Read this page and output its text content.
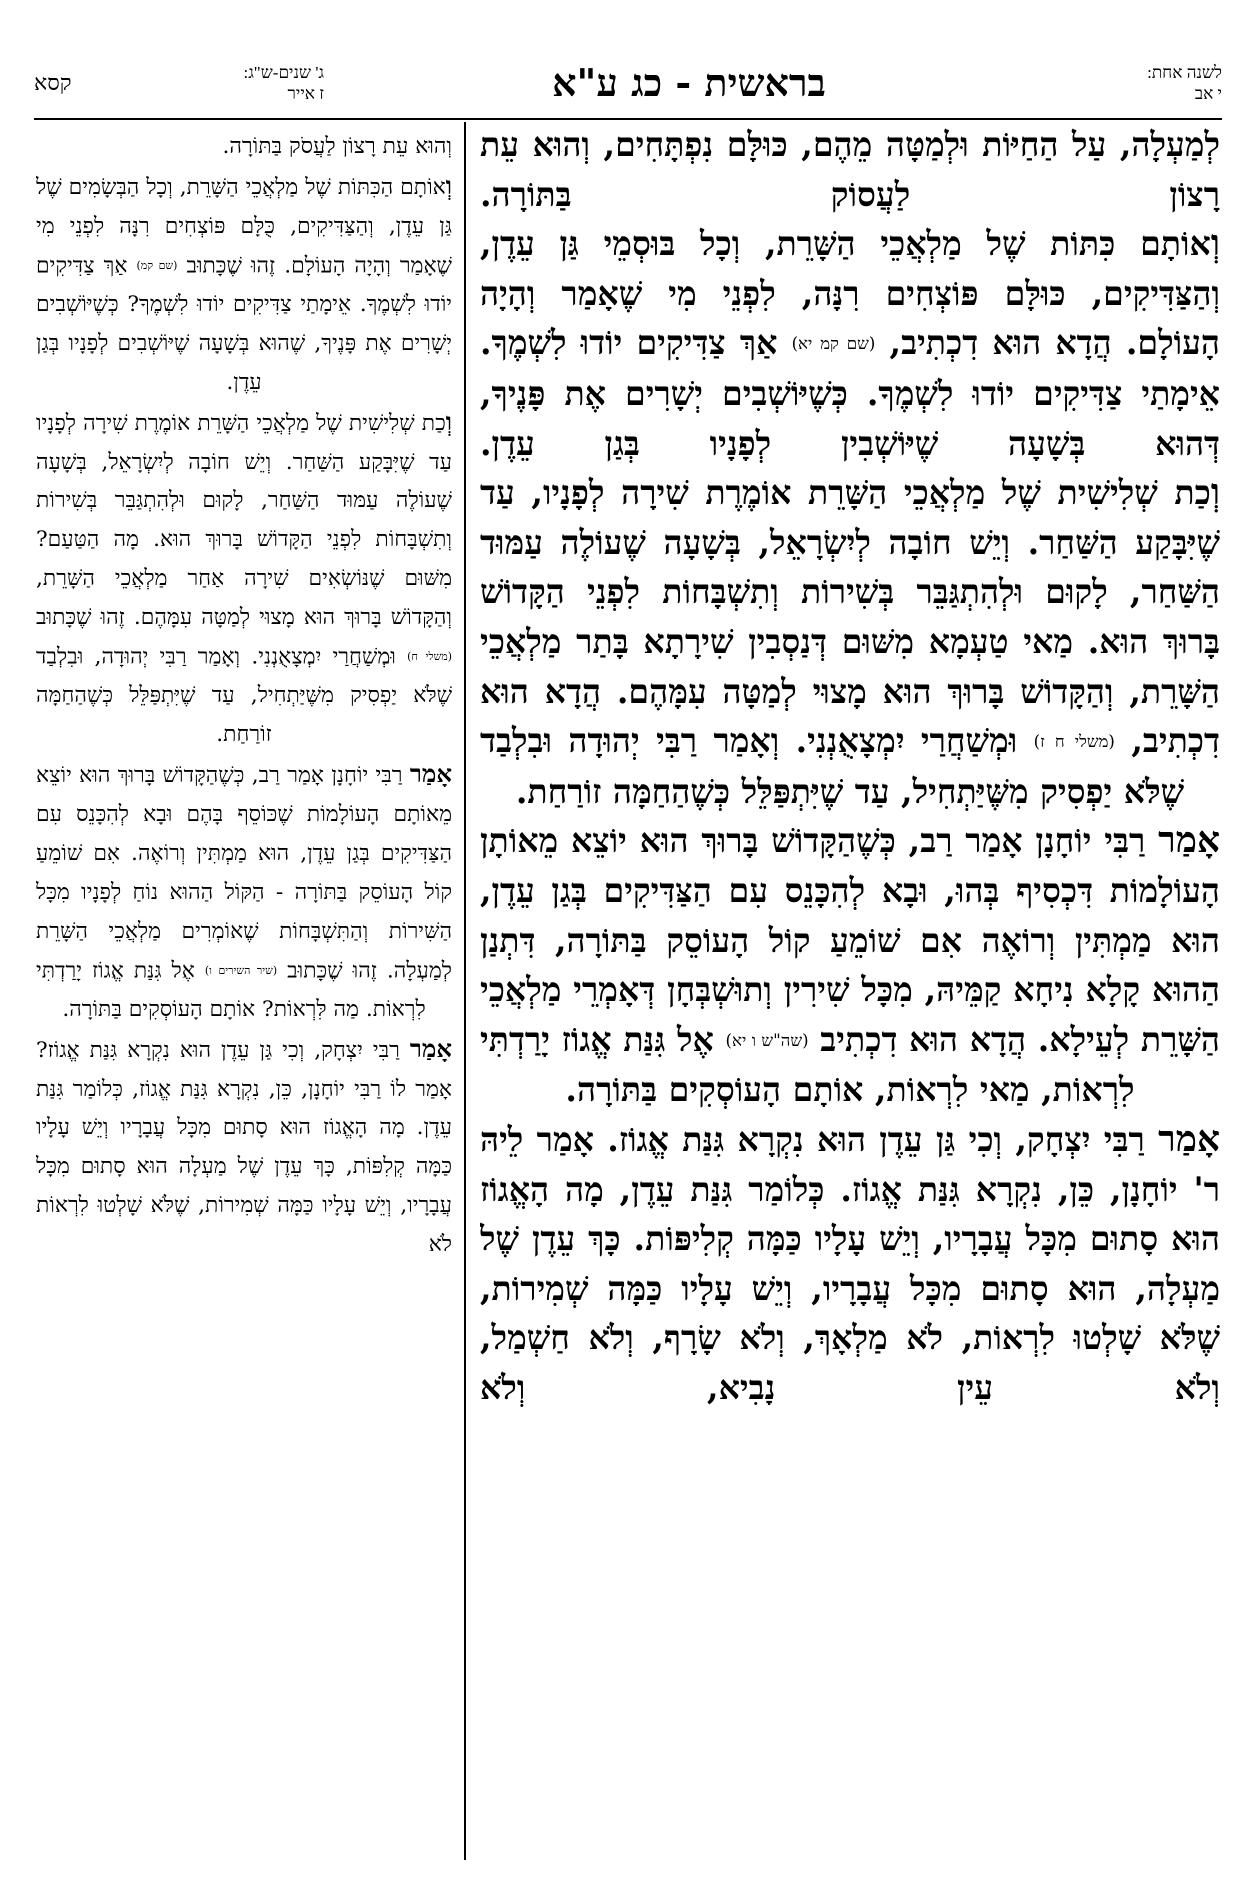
קסא	ג' שנים-ש"ג:
ז אייר	בראשית - כג ע"א	לשנה אחת:
י אב

לְמַעְלָה, עַל הַחַיּוֹת וּלְמַטָּה מֵהֶם, כּוּלָּם נִפְתָּחִים, וְהוּא עֵת רָצוֹן לַעֲסוֹק בַּתּוֹרָה.

וְאוֹתָם כִּתּוֹת שֶׁל מַלְאֲכֵי הַשָּׁרֵת, וְכָל בּוּסְמֵי גַּן עֵדֶן, וְהַצַּדִּיקִים, כּוּלָּם פּוֹצְחִים רִנָּה, לִפְנֵי מִי שֶׁאָמַר וְהָיָה הָעוֹלָם. הֲדָא הוּא דִכְתִיב, (שם קמ יא) אַךְ צַדִּיקִים יוֹדוּ לִשְׁמֶךָ. אֵימָתַי צַדִּיקִים יוֹדוּ לִשְׁמֶךָ. כְּשֶׁיּוֹשְׁבִים יְשָׁרִים אֶת פָּנֶיךָ, דְּהוּא בְּשָׁעָה שֶׁיּוֹשְׁבִין לְפָנָיו בְּגַן עֵדֶן.

וְכַת שְׁלִישִׁית שֶׁל מַלְאֲכֵי הַשָּׁרֵת אוֹמֶרֶת שִׁירָה לְפָנָיו, עַד שֶׁיִּבָּקַע הַשַּׁחַר. וְיֵשׁ חוֹבָה לְיִשְׂרָאֵל, בְּשָׁעָה שֶׁעוֹלֶה עַמּוּד הַשַּׁחַר, לָקוּם וּלְהִתְגַּבֵּר בְּשִׁירוֹת וְתִשְׁבָּחוֹת לִפְנֵי הַקָּדוֹשׁ בָּרוּךְ הוּא. מַאי טַעְמָא מִשּׁוּם דְּנַסְבִין שִׁירָתָא בָּתַר מַלְאֲכֵי הַשָּׁרֵת, וְהַקָּדוֹשׁ בָּרוּךְ הוּא מָצוּי לְמַטָּה עִמָּהֶם. הֲדָא הוּא דִכְתִיב, (משלי ח ז) וּמְשַׁחֲרַי יִמְצָאֻנְנִי. וְאָמַר רַבִּי יְהוּדָה וּבִלְבַד שֶׁלֹּא יַפְסִיק מִשֶּׁיַּתְחִיל, עַד שֶׁיִּתְפַּלֵּל כְּשֶׁהַחַמָּה זוֹרַחַת.

אָמַר רַבִּי יוֹחָנָן אָמַר רַב, כְּשֶׁהַקָּדוֹשׁ בָּרוּךְ הוּא יוֹצֵא מֵאוֹתָן הָעוֹלָמוֹת דִּכְסִיף בְּהוּ, וּבָא לְהִכָּנֵס עִם הַצַּדִּיקִים בְּגַן עֵדֶן, הוּא מַמְתִּין וְרוֹאֶה אִם שׁוֹמֵעַ קוֹל הָעוֹסֵק בַּתּוֹרָה, דִּתְנַן הַהוּא קָלָא נִיחָא קַמֵּיהּ, מִכָּל שִׁירִין וְתוּשְׁבְּחָן דְּאָמְרֵי מַלְאֲכֵי הַשָּׁרֵת לְעֵילָא. הֲדָא הוּא דִכְתִיב (שה"ש ו יא) אֶל גִּנַּת אֱגוֹז יָרַדְתִּי לִרְאוֹת, מַאי לִרְאוֹת, אוֹתָם הָעוֹסְקִים בַּתּוֹרָה.

אָמַר רַבִּי יִצְחָק, וְכִי גַּן עֵדֶן הוּא נִקְרָא גִּנַּת אֱגוֹז. אָמַר לֵיהּ ר' יוֹחָנָן, כֵּן, נִקְרָא גִּנַּת אֱגוֹז. כְּלוֹמַר גִּנַּת עֵדֶן, מָה הָאֱגוֹז הוּא סָתוּם מִכָּל עֲבָרָיו, וְיֵשׁ עָלָיו כַּמָּה קְלִיפּוֹת. כָּךְ עֵדֶן שֶׁל מַעְלָה, הוּא סָתוּם מִכָּל עֲבָרָיו, וְיֵשׁ עָלָיו כַּמָּה שְׁמִירוֹת, שֶׁלֹּא שָׁלְטוּ לִרְאוֹת, לֹא מַלְאָךְ, וְלֹא שָׂרָף, וְלֹא חַשְׁמַל, וְלֹא עֵין נָבִיא, וְלֹא

וְהוּא עֵת רָצוֹן לַעֲסֹק בַּתּוֹרָה.

וְאוֹתָם הַכִּתּוֹת שֶׁל מַלְאֲכֵי הַשָּׁרֵת, וְכָל הַבְּשָׂמִים שֶׁל גַּן עֵדֶן, וְהַצַּדִּיקִים, כֻּלָּם פּוֹצְחִים רִנָּה לִפְנֵי מִי שֶׁאָמַר וְהָיָה הָעוֹלָם. זֶהוּ שֶׁכָּתוּב (שם קמ) אַךְ צַדִּיקִים יוֹדוּ לִשְׁמֶךָ. אֵימָתַי צַדִּיקִים יוֹדוּ לִשְׁמֶךָ? כְּשֶׁיּוֹשְׁבִים יְשָׁרִים אֶת פָּנֶיךָ, שֶׁהוּא בְּשָׁעָה שֶׁיּוֹשְׁבִים לְפָנָיו בְּגַן עֵדֶן.

וְכַת שְׁלִישִׁית שֶׁל מַלְאֲכֵי הַשָּׁרֵת אוֹמֶרֶת שִׁירָה לְפָנָיו עַד שֶׁיִּבָּקַע הַשַּׁחַר. וְיֵשׁ חוֹבָה לְיִשְׂרָאֵל, בְּשָׁעָה שֶׁעוֹלֶה עַמּוּד הַשַּׁחַר, לָקוּם וּלְהִתְגַּבֵּר בְּשִׁירוֹת וְתִשְׁבָּחוֹת לִפְנֵי הַקָּדוֹשׁ בָּרוּךְ הוּא. מָה הַטַּעַם? מִשּׁוּם שֶׁנּוֹשְׂאִים שִׁירָה אַחַר מַלְאֲכֵי הַשָּׁרֵת, וְהַקָּדוֹשׁ בָּרוּךְ הוּא מָצוּי לְמַטָּה עִמָּהֶם. זֶהוּ שֶׁכָּתוּב (משלי ח) וּמְשַׁחֲרַי יִמְצָאֻנְנִי. וְאָמַר רַבִּי יְהוּדָה, וּבִלְבַד שֶׁלֹּא יַפְסִיק מִשֶּׁיַּתְחִיל, עַד שֶׁיִּתְפַּלֵּל כְּשֶׁהַחַמָּה זוֹרַחַת.

אָמַר רַבִּי יוֹחָנָן אָמַר רַב, כְּשֶׁהַקָּדוֹשׁ בָּרוּךְ הוּא יוֹצֵא מֵאוֹתָם הָעוֹלָמוֹת שֶׁכּוֹסֵף בָּהֶם וּבָא לְהִכָּנֵס עִם הַצַּדִּיקִים בְּגַן עֵדֶן, הוּא מַמְתִּין וְרוֹאֶה. אִם שׁוֹמֵעַ קוֹל הָעוֹסֵק בַּתּוֹרָה - הַקּוֹל הַהוּא נוֹחַ לְפָנָיו מִכָּל הַשִּׁירוֹת וְהַתִּשְׁבָּחוֹת שֶׁאוֹמְרִים מַלְאֲכֵי הַשָּׁרֵת לְמַעְלָה. זֶהוּ שֶׁכָּתוּב (שיר השירים ו) אֶל גִּנַּת אֱגוֹז יָרַדְתִּי לִרְאוֹת. מַה לִּרְאוֹת? אוֹתָם הָעוֹסְקִים בַּתּוֹרָה.

אָמַר רַבִּי יִצְחָק, וְכִי גַּן עֵדֶן הוּא נִקְרָא גִּנַּת אֱגוֹז? אָמַר לוֹ רַבִּי יוֹחָנָן, כֵּן, נִקְרָא גִּנַּת אֱגוֹז, כְּלוֹמַר גִּנַּת עֵדֶן. מָה הָאֱגוֹז הוּא סָתוּם מִכָּל עֲבָרָיו וְיֵשׁ עָלָיו כַּמָּה קְלִפּוֹת, כָּךְ עֵדֶן שֶׁל מַעְלָה הוּא סָתוּם מִכָּל עֲבָרָיו, וְיֵשׁ עָלָיו כַּמָּה שְׁמִירוֹת, שֶׁלֹּא שָׁלְטוּ לִרְאוֹת לֹא
